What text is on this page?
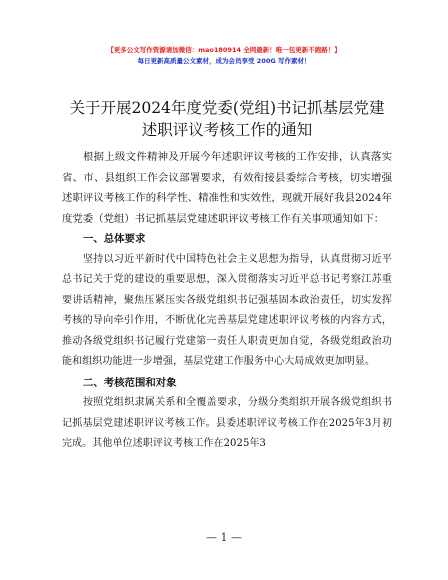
【更多公文写作资源请加微信：mao180914 全网最新！唯一包更新不跑路！】
每日更新高质量公文素材，成为会员享受 200G 写作素材！
关于开展2024年度党委(党组)书记抓基层党建
述职评议考核工作的通知

根据上级文件精神及开展今年述职评议考核的工作安排，认真落实省、市、县组织工作会议部署要求，有效衔接县委综合考核，切实增强述职评议考核工作的科学性、精准性和实效性，现就开展好我县2024年度党委（党组）书记抓基层党建述职评议考核工作有关事项通知如下：

一、总体要求

坚持以习近平新时代中国特色社会主义思想为指导，认真贯彻习近平总书记关于党的建设的重要思想，深入贯彻落实习近平总书记考察江苏重要讲话精神，聚焦压紧压实各级党组织书记强基固本政治责任，切实发挥考核的导向牵引作用，不断优化完善基层党建述职评议考核的内容方式，推动各级党组织书记履行党建第一责任人职责更加自觉，各级党组政治功能和组织功能进一步增强，基层党建工作服务中心大局成效更加明显。

二、考核范围和对象

按照党组织隶属关系和全覆盖要求，分级分类组织开展各级党组织书记抓基层党建述职评议考核工作。县委述职评议考核工作在2025年3月初完成。其他单位述职评议考核工作在2025年3

— 1 —
